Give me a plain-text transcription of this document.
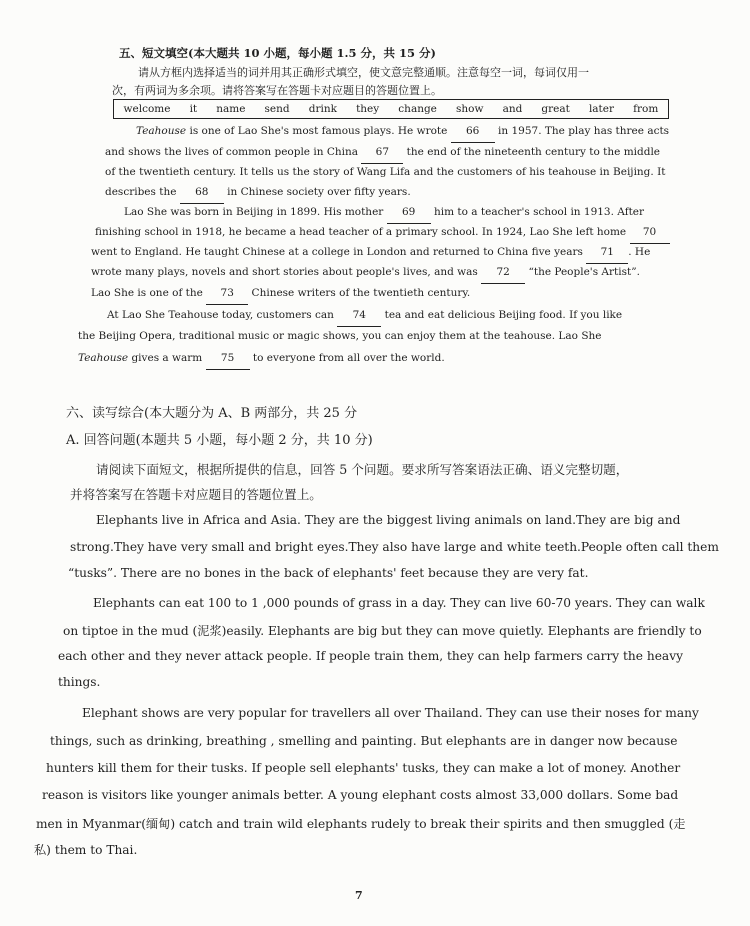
五、短文填空(本大题共 10 小题，每小题 1.5 分，共 15 分)
请从方框内选择适当的词并用其正确形式填空，使文意完整通顺。注意每空一词，每词仅用一
次，有两词为多余项。请将答案写在答题卡对应题目的答题位置上。
welcome it name send drink they change show and great later from
Teahouse is one of Lao She's most famous plays. He wrote 66 in 1957. The play has three acts
and shows the lives of common people in China 67 the end of the nineteenth century to the middle
of the twentieth century. It tells us the story of Wang Lifa and the customers of his teahouse in Beijing. It
describes the 68 in Chinese society over fifty years.
Lao She was born in Beijing in 1899. His mother 69 him to a teacher's school in 1913. After
finishing school in 1918, he became a head teacher of a primary school. In 1924, Lao She left home 70
went to England. He taught Chinese at a college in London and returned to China five years 71 . He
wrote many plays, novels and short stories about people's lives, and was 72 “the People's Artist”.
Lao She is one of the 73 Chinese writers of the twentieth century.
At Lao She Teahouse today, customers can 74 tea and eat delicious Beijing food. If you like
the Beijing Opera, traditional music or magic shows, you can enjoy them at the teahouse. Lao She
Teahouse gives a warm 75 to everyone from all over the world.
六、读写综合(本大题分为 A、B 两部分，共 25 分
A. 回答问题(本题共 5 小题，每小题 2 分，共 10 分)
请阅读下面短文，根据所提供的信息，回答 5 个问题。要求所写答案语法正确、语义完整切题，
并将答案写在答题卡对应题目的答题位置上。
Elephants live in Africa and Asia. They are the biggest living animals on land.They are big and
strong.They have very small and bright eyes.They also have large and white teeth.People often call them
“tusks”. There are no bones in the back of elephants' feet because they are very fat.
Elephants can eat 100 to 1 ,000 pounds of grass in a day. They can live 60-70 years. They can walk
on tiptoe in the mud (泥浆)easily. Elephants are big but they can move quietly. Elephants are friendly to
each other and they never attack people. If people train them, they can help farmers carry the heavy
things.
Elephant shows are very popular for travellers all over Thailand. They can use their noses for many
things, such as drinking, breathing , smelling and painting. But elephants are in danger now because
hunters kill them for their tusks. If people sell elephants' tusks, they can make a lot of money. Another
reason is visitors like younger animals better. A young elephant costs almost 33,000 dollars. Some bad
men in Myanmar(缅甸) catch and train wild elephants rudely to break their spirits and then smuggled (走
私) them to Thai.
7
